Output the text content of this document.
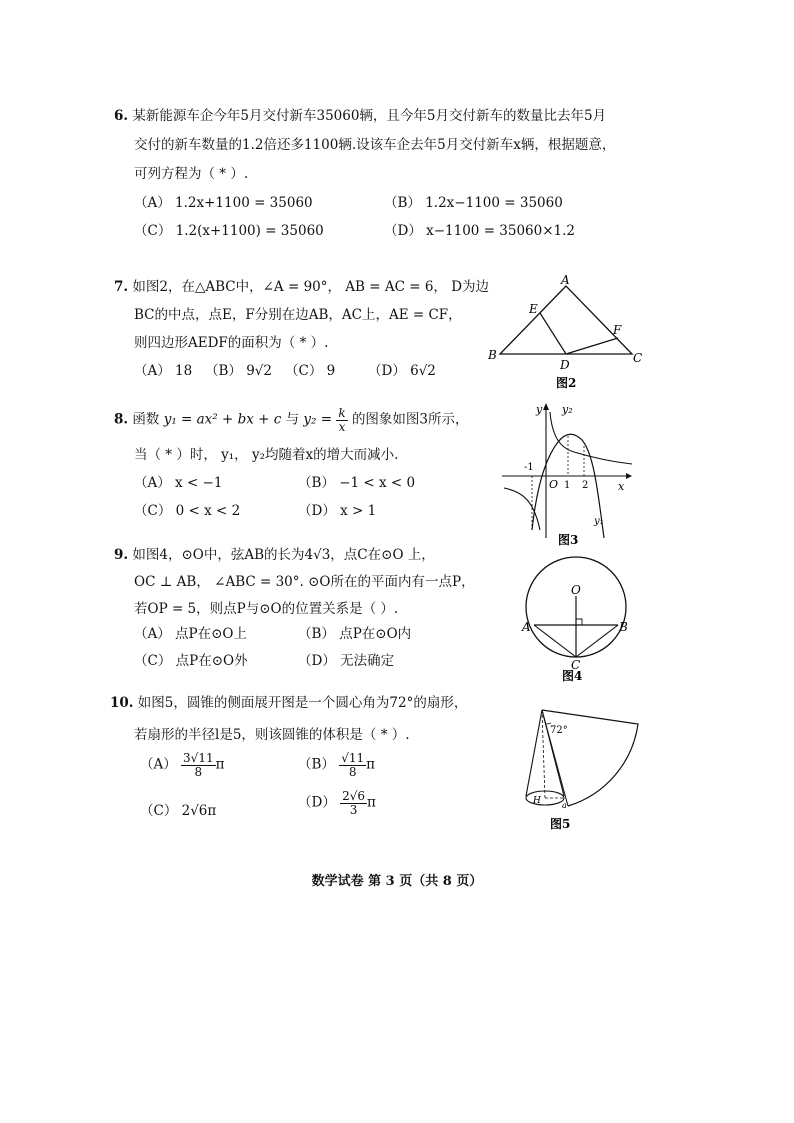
6. 某新能源车企今年5月交付新车35060辆，且今年5月交付新车的数量比去年5月
交付的新车数量的1.2倍还多1100辆.设该车企去年5月交付新车x辆，根据题意，
可列方程为（ * ）.
（A） 1.2x+1100 = 35060	（B） 1.2x−1100 = 35060
（C） 1.2(x+1100) = 35060	（D） x−1100 = 35060×1.2
7. 如图2，在△ABC中，∠A = 90°， AB = AC = 6， D为边
BC的中点，点E，F分别在边AB，AC上，AE = CF，
则四边形AEDF的面积为（ * ）.
（A） 18 （B） 9√2 （C） 9 （D） 6√2
A
B	C
D
E
F
图2
8. 函数 y₁ = ax² + bx + c 与 $y_2 = \frac{k}{x}$ 的图象如图3所示，
当（ * ）时， y₁， y₂均随着x的增大而减小.
（A） x < −1	（B） −1 < x < 0
（C） 0 < x < 2	（D） x > 1
y y₂
x
-1
O 1 2
y₁
图3
9. 如图4，⊙O中，弦AB的长为4√3，点C在⊙O 上，
OC ⊥ AB， ∠ABC = 30°. ⊙O所在的平面内有一点P，
若OP = 5，则点P与⊙O的位置关系是（ ）.
（A） 点P在⊙O上	（B） 点P在⊙O内
（C） 点P在⊙O外	（D） 无法确定
O
A	B
C
图4
10. 如图5，圆锥的侧面展开图是一个圆心角为72°的扇形，
若扇形的半径l是5，则该圆锥的体积是（ * ）.
$(A) \frac{3√11}{8}$ π	$(B) \frac{√11}{8}$ π
（C） 2√6π
$(D) \frac{2√6}{3}$ π
72°
H	a
图5
数学试卷 第 3 页（共 8 页）
